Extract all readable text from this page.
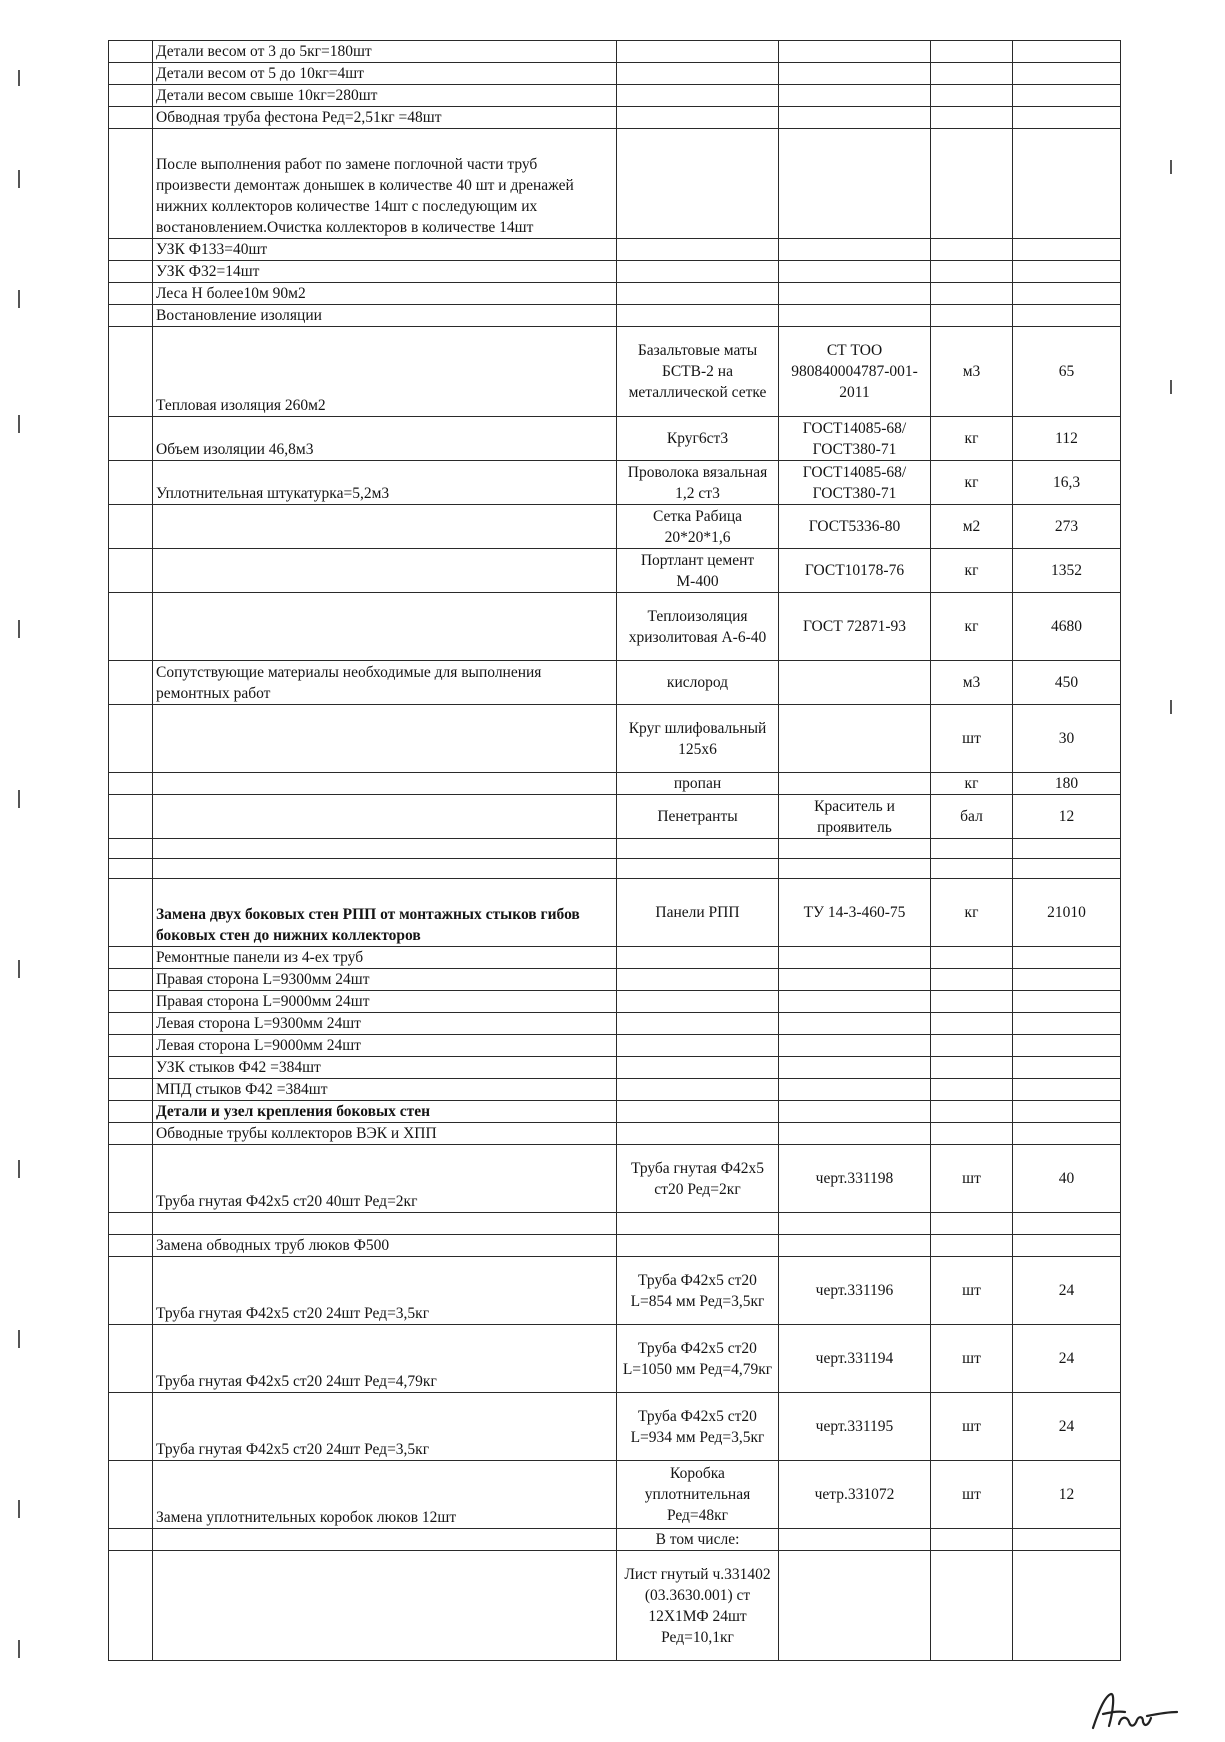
	Детали весом от 3 до 5кг=180шт				
	Детали весом от 5 до 10кг=4шт				
	Детали весом свыше 10кг=280шт				
	Обводная труба фестона Ред=2,51кг =48шт				
	После выполнения работ по замене поглочной части труб произвести демонтаж донышек в количестве 40 шт и дренажей нижних коллекторов количестве 14шт с последующим их востановлением.Очистка коллекторов в количестве 14шт				
	УЗК Ф133=40шт				
	УЗК Ф32=14шт				
	Леса Н более10м 90м2				
	Востановление изоляции				
	Тепловая изоляция 260м2	Базальтовые маты БСТВ-2 на металлической сетке	СТ ТОО 980840004787-001-2011	м3	65
	Объем изоляции 46,8м3	Круг6ст3	ГОСТ14085-68/ГОСТ380-71	кг	112
	Уплотнительная штукатурка=5,2м3	Проволока вязальная 1,2 ст3	ГОСТ14085-68/ГОСТ380-71	кг	16,3
		Сетка Рабица 20*20*1,6	ГОСТ5336-80	м2	273
		Портлант цемент М-400	ГОСТ10178-76	кг	1352
		Теплоизоляция хризолитовая А-6-40	ГОСТ 72871-93	кг	4680
	Сопутствующие материалы необходимые для выполнения ремонтных работ	кислород		м3	450
		Круг шлифовальный 125х6		шт	30
		пропан		кг	180
		Пенетранты	Краситель и проявитель	бал	12

	Замена двух боковых стен РПП от монтажных стыков гибов боковых стен до нижних коллекторов	Панели РПП	ТУ 14-3-460-75	кг	21010
	Ремонтные панели из 4-ех труб				
	Правая сторона L=9300мм 24шт				
	Правая сторона L=9000мм 24шт				
	Левая сторона L=9300мм 24шт				
	Левая сторона L=9000мм 24шт				
	УЗК стыков Ф42 =384шт				
	МПД стыков Ф42 =384шт				
	Детали и узел крепления боковых стен				
	Обводные трубы коллекторов ВЭК и ХПП				
	Труба гнутая Ф42х5 ст20 40шт Ред=2кг	Труба гнутая Ф42х5 ст20 Ред=2кг	черт.331198	шт	40

	Замена обводных труб люков Ф500				
	Труба гнутая Ф42х5 ст20 24шт Ред=3,5кг	Труба Ф42х5 ст20 L=854 мм Ред=3,5кг	черт.331196	шт	24
	Труба гнутая Ф42х5 ст20 24шт Ред=4,79кг	Труба Ф42х5 ст20 L=1050 мм Ред=4,79кг	черт.331194	шт	24
	Труба гнутая Ф42х5 ст20 24шт Ред=3,5кг	Труба Ф42х5 ст20 L=934 мм Ред=3,5кг	черт.331195	шт	24
	Замена уплотнительных коробок люков 12шт	Коробка уплотнительная Ред=48кг	четр.331072	шт	12
		В том числе:			
		Лист гнутый ч.331402 (03.3630.001) ст 12Х1МФ 24шт Ред=10,1кг			
